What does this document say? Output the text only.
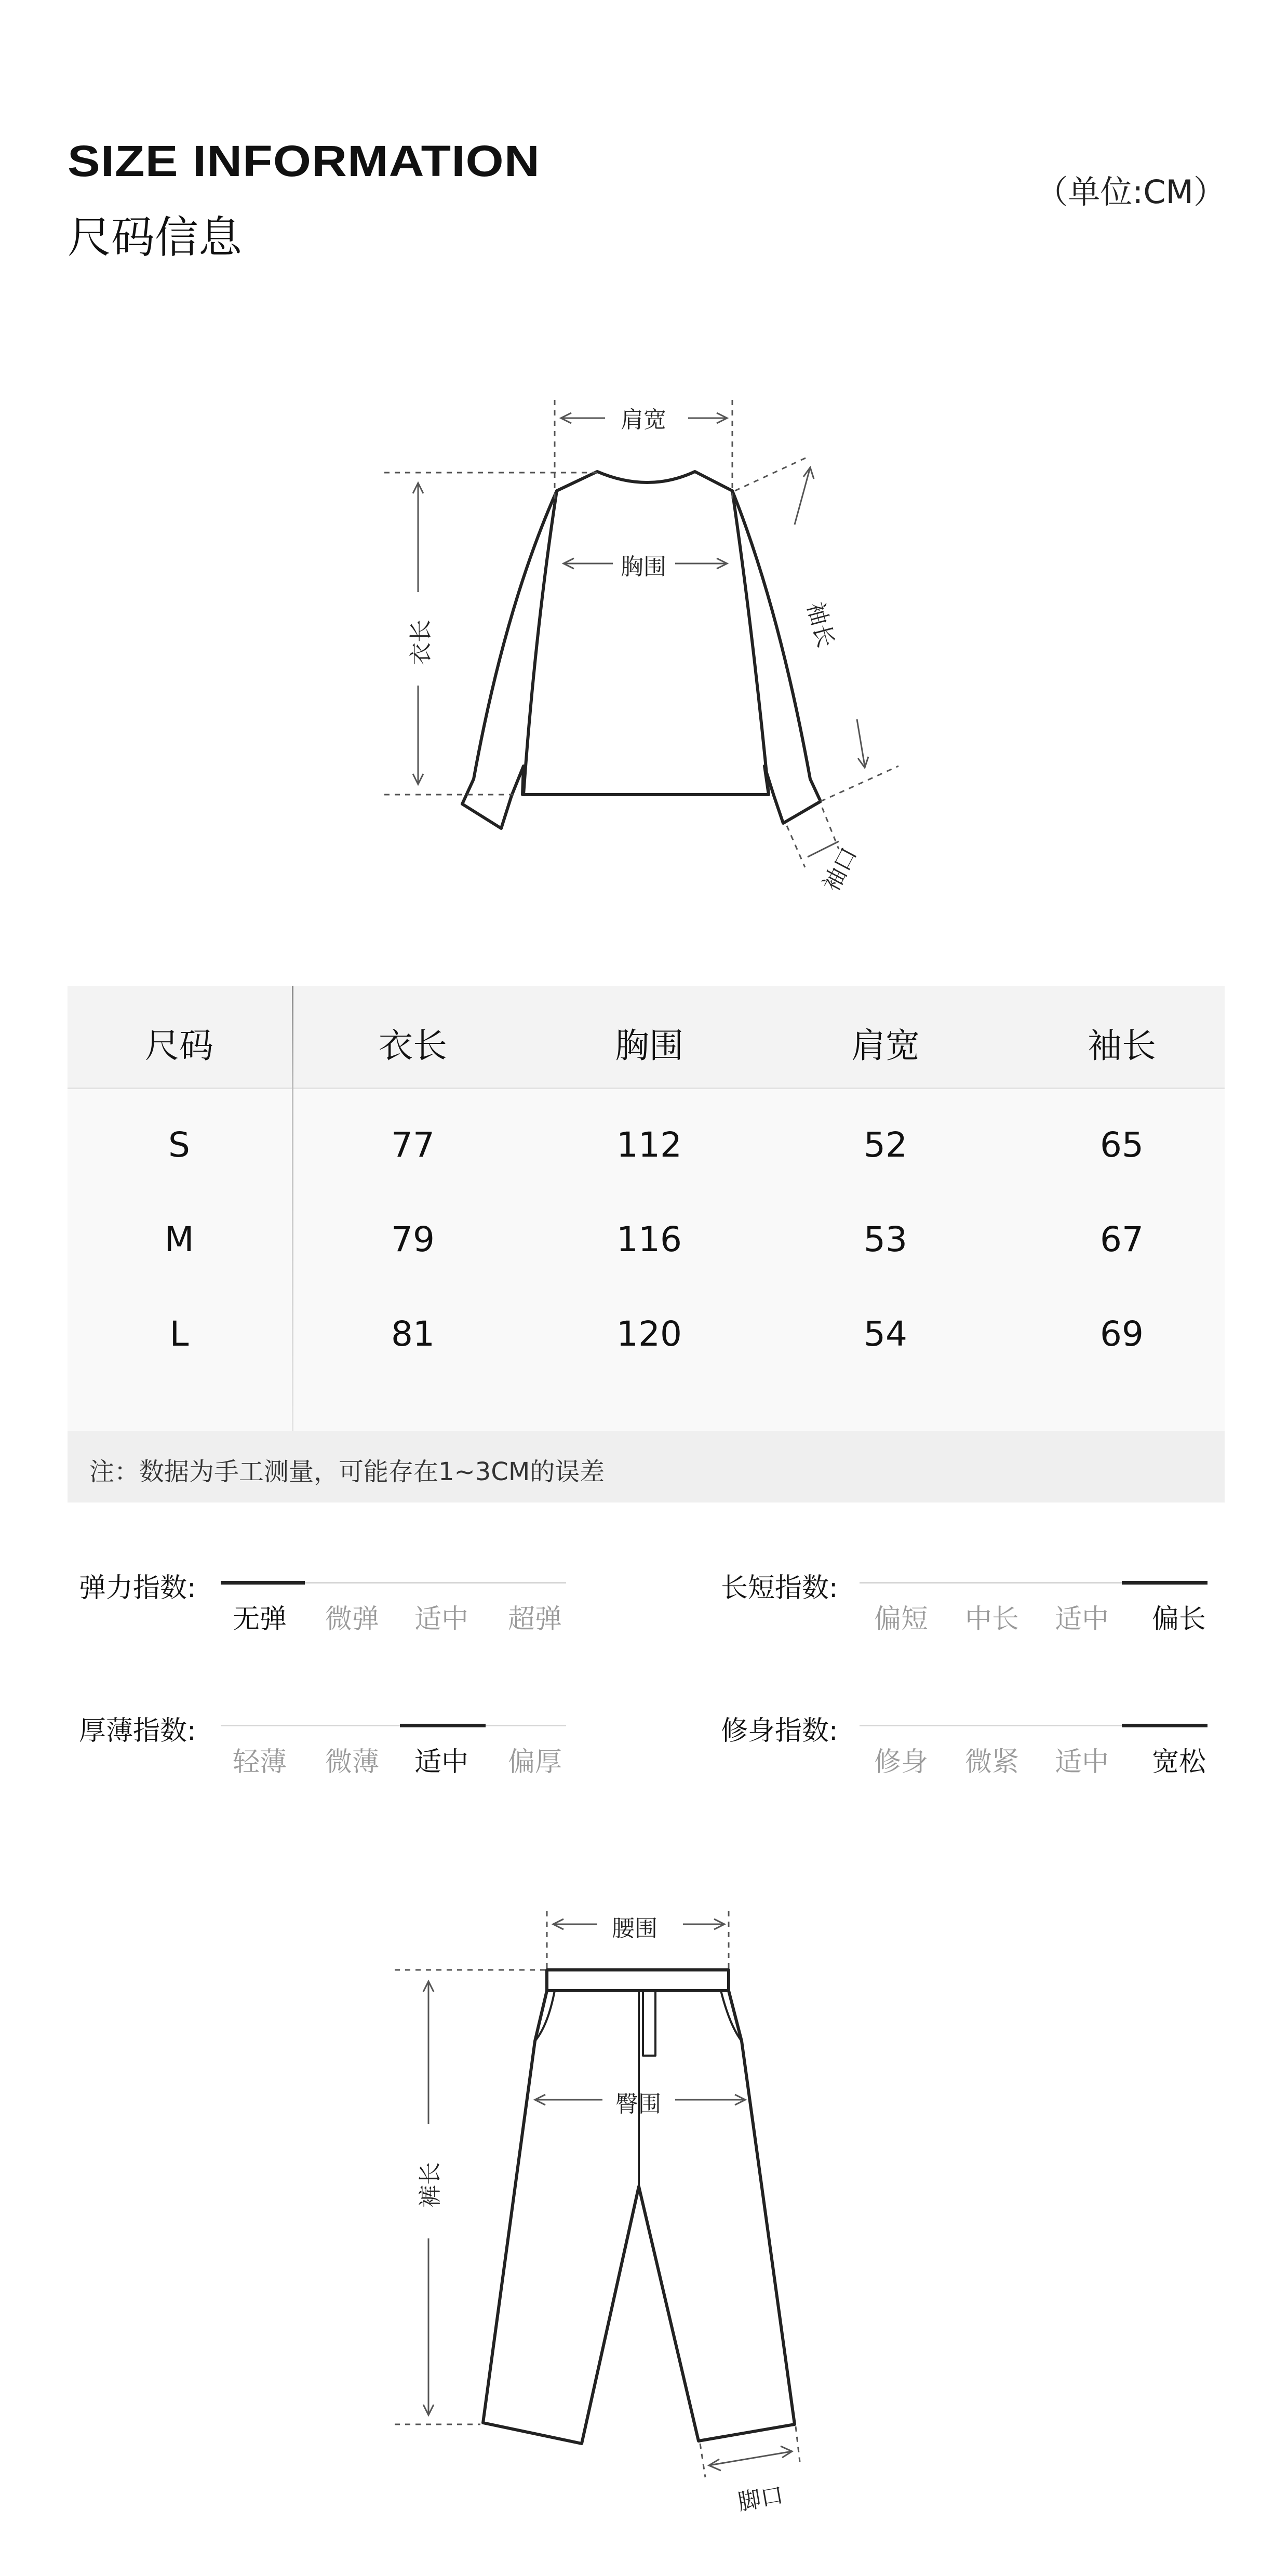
SIZE INFORMATION
尺码信息
（单位:CM）
肩宽
胸围
衣长	袖长
袖口
尺码	衣长	胸围	肩宽	袖长
S	77	112	52	65
M	79	116	53	67
L	81	120	54	69
注：数据为手工测量，可能存在1~3CM的误差
弹力指数:
无弹	微弹	适中	超弹
长短指数:
偏短	中长	适中	偏长
厚薄指数:
轻薄	微薄	适中	偏厚
修身指数:
修身	微紧	适中	宽松
腰围
臀围
裤长
脚口
